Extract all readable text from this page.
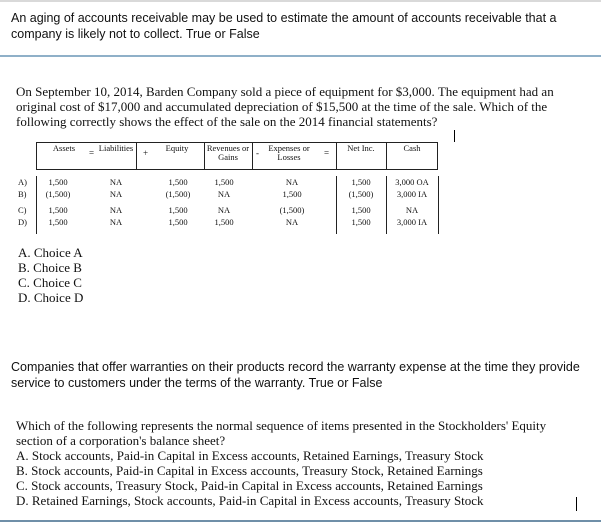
An aging of accounts receivable may be used to estimate the amount of accounts receivable that a
company is likely not to collect. True or False
On September 10, 2014, Barden Company sold a piece of equipment for $3,000. The equipment had an
original cost of $17,000 and accumulated depreciation of $15,500 at the time of the sale. Which of the
following correctly shows the effect of the sale on the 2014 financial statements?
Assets	= Liabilities	+	Equity	Revenues or Gains	-	Expenses or Losses	=	Net Inc.	Cash
A)	1,500	NA	1,500	1,500	NA	1,500	3,000 OA
B)	(1,500)	NA	(1,500)	NA	1,500	(1,500)	3,000 IA
C)	1,500	NA	1,500	NA	(1,500)	1,500	NA
D)	1,500	NA	1,500	1,500	NA	1,500	3,000 IA
A. Choice A
B. Choice B
C. Choice C
D. Choice D
Companies that offer warranties on their products record the warranty expense at the time they provide
service to customers under the terms of the warranty. True or False
Which of the following represents the normal sequence of items presented in the Stockholders' Equity
section of a corporation's balance sheet?
A. Stock accounts, Paid-in Capital in Excess accounts, Retained Earnings, Treasury Stock
B. Stock accounts, Paid-in Capital in Excess accounts, Treasury Stock, Retained Earnings
C. Stock accounts, Treasury Stock, Paid-in Capital in Excess accounts, Retained Earnings
D. Retained Earnings, Stock accounts, Paid-in Capital in Excess accounts, Treasury Stock
